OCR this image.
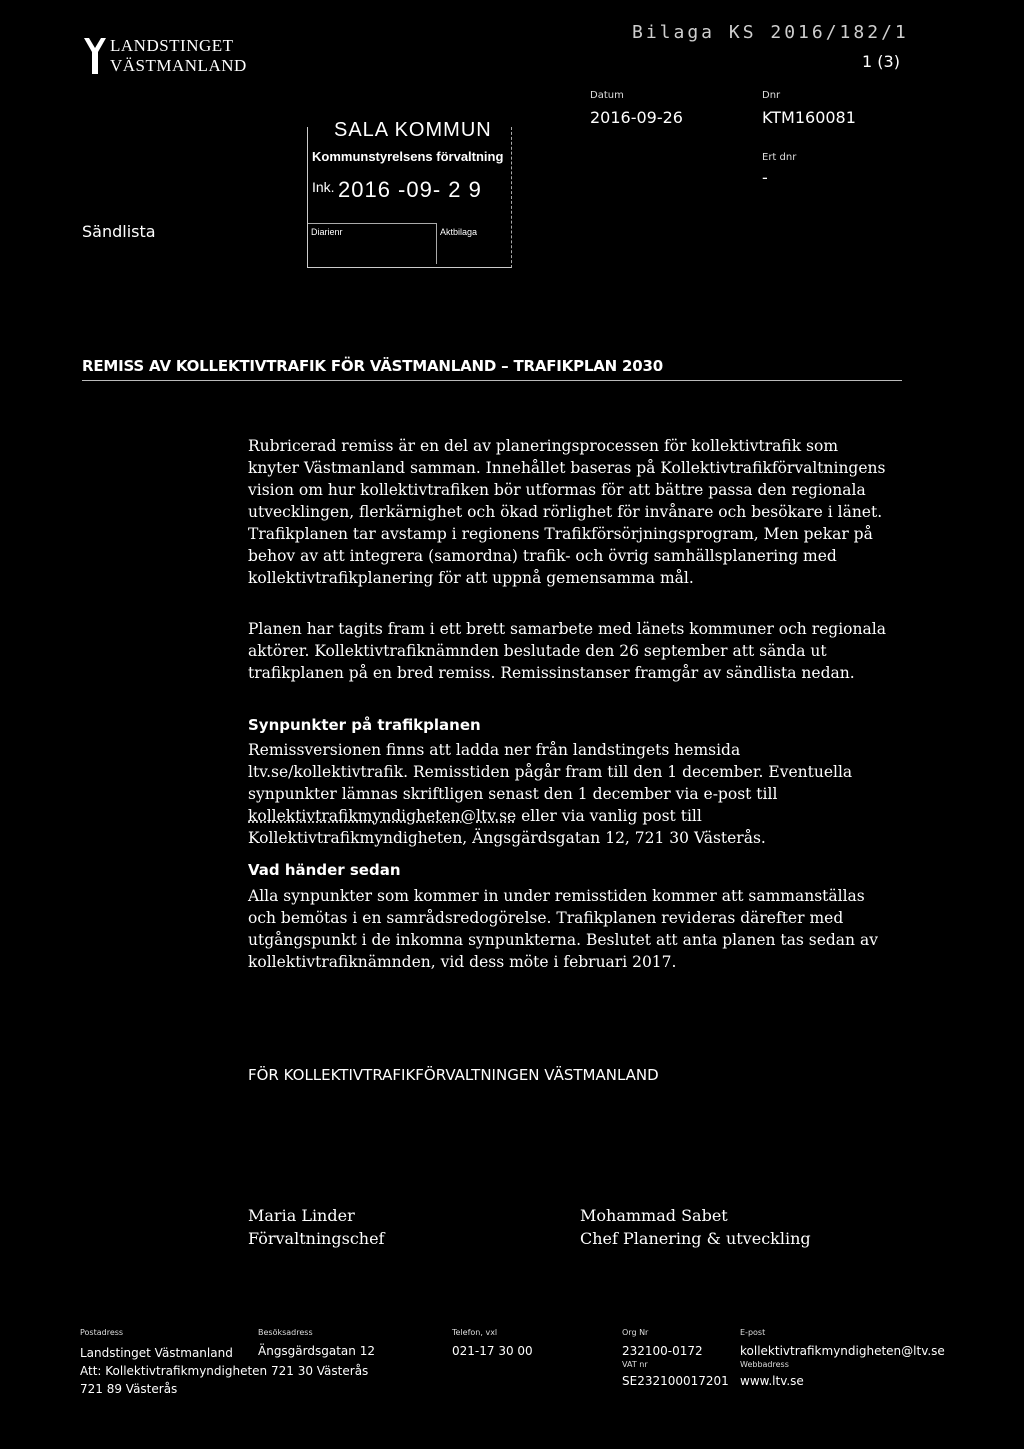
LANDSTINGET
VÄSTMANLAND
Bilaga KS 2016/182/1
1 (3)
Sändlista
Datum
2016-09-26
Dnr
KTM160081
Ert dnr
-
SALA KOMMUN
Kommunstyrelsens förvaltning
Ink. 2016 -09- 2 9
Diarienr	Aktbilaga
REMISS AV KOLLEKTIVTRAFIK FÖR VÄSTMANLAND – TRAFIKPLAN 2030
Rubricerad remiss är en del av planeringsprocessen för kollektivtrafik som
knyter Västmanland samman. Innehållet baseras på Kollektivtrafikförvaltningens
vision om hur kollektivtrafiken bör utformas för att bättre passa den regionala
utvecklingen, flerkärnighet och ökad rörlighet för invånare och besökare i länet.
Trafikplanen tar avstamp i regionens Trafikförsörjningsprogram, Men pekar på
behov av att integrera (samordna) trafik- och övrig samhällsplanering med
kollektivtrafikplanering för att uppnå gemensamma mål.
Planen har tagits fram i ett brett samarbete med länets kommuner och regionala
aktörer. Kollektivtrafiknämnden beslutade den 26 september att sända ut
trafikplanen på en bred remiss. Remissinstanser framgår av sändlista nedan.
Synpunkter på trafikplanen
Remissversionen finns att ladda ner från landstingets hemsida
ltv.se/kollektivtrafik. Remisstiden pågår fram till den 1 december. Eventuella
synpunkter lämnas skriftligen senast den 1 december via e-post till
kollektivtrafikmyndigheten@ltv.se eller via vanlig post till
Kollektivtrafikmyndigheten, Ängsgärdsgatan 12, 721 30 Västerås.
Vad händer sedan
Alla synpunkter som kommer in under remisstiden kommer att sammanställas
och bemötas i en samrådsredogörelse. Trafikplanen revideras därefter med
utgångspunkt i de inkomna synpunkterna. Beslutet att anta planen tas sedan av
kollektivtrafiknämnden, vid dess möte i februari 2017.
FÖR KOLLEKTIVTRAFIKFÖRVALTNINGEN VÄSTMANLAND
Maria Linder
Förvaltningschef
Mohammad Sabet
Chef Planering & utveckling
Postadress
Landstinget Västmanland
Att: Kollektivtrafikmyndigheten 721 30 Västerås
721 89 Västerås
Besöksadress
Ängsgärdsgatan 12
Telefon, vxl
021-17 30 00
Org Nr
232100-0172
VAT nr
SE232100017201
E-post
kollektivtrafikmyndigheten@ltv.se
Webbadress
www.ltv.se
